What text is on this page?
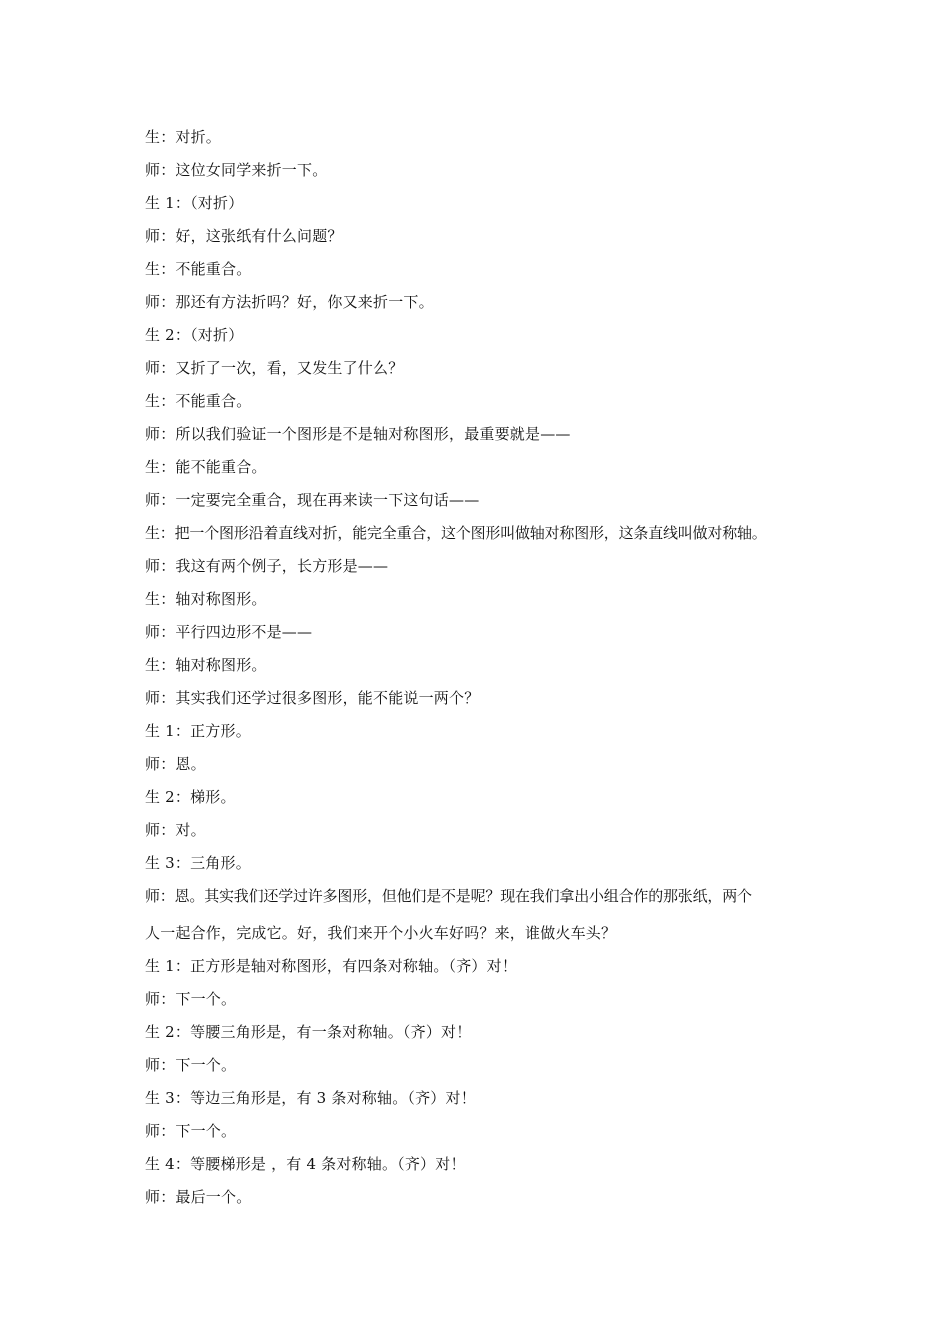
生：对折。
师：这位女同学来折一下。
生 1：（对折）
师：好，这张纸有什么问题？
生：不能重合。
师：那还有方法折吗？好，你又来折一下。
生 2：（对折）
师：又折了一次，看，又发生了什么？
生：不能重合。
师：所以我们验证一个图形是不是轴对称图形，最重要就是——
生：能不能重合。
师：一定要完全重合，现在再来读一下这句话——
生：把一个图形沿着直线对折，能完全重合，这个图形叫做轴对称图形，这条直线叫做对称轴。
师：我这有两个例子，长方形是——
生：轴对称图形。
师：平行四边形不是——
生：轴对称图形。
师：其实我们还学过很多图形，能不能说一两个？
生 1：正方形。
师：恩。
生 2：梯形。
师：对。
生 3：三角形。
师：恩。其实我们还学过许多图形，但他们是不是呢？现在我们拿出小组合作的那张纸，两个
人一起合作，完成它。好，我们来开个小火车好吗？来，谁做火车头？
生 1：正方形是轴对称图形，有四条对称轴。（齐）对！
师：下一个。
生 2：等腰三角形是，有一条对称轴。（齐）对！
师：下一个。
生 3：等边三角形是，有 3 条对称轴。（齐）对！
师：下一个。
生 4：等腰梯形是 ，有 4 条对称轴。（齐）对！
师：最后一个。
